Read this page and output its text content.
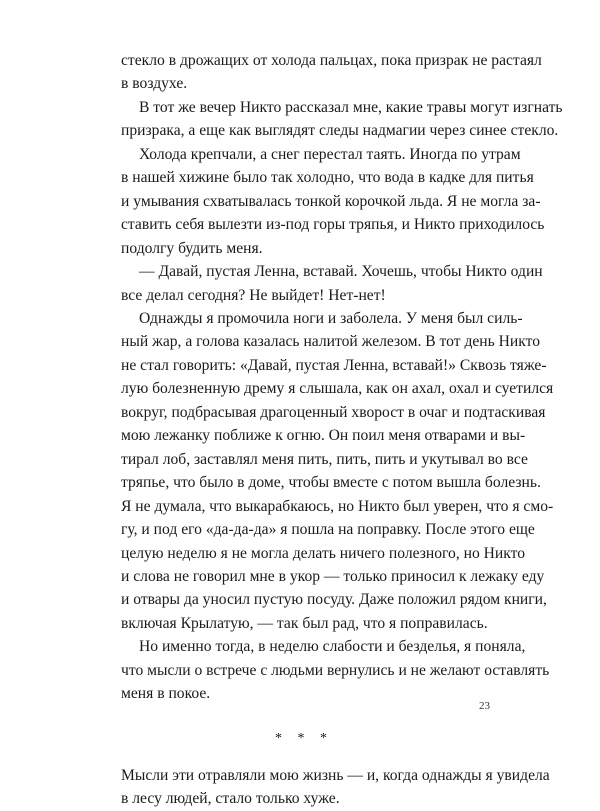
стекло в дрожащих от холода пальцах, пока призрак не растаял
в воздухе.

В тот же вечер Никто рассказал мне, какие травы могут изгнать
призрака, а еще как выглядят следы надмагии через синее стекло.

Холода крепчали, а снег перестал таять. Иногда по утрам
в нашей хижине было так холодно, что вода в кадке для питья
и умывания схватывалась тонкой корочкой льда. Я не могла за-
ставить себя вылезти из-под горы тряпья, и Никто приходилось
подолгу будить меня.

— Давай, пустая Ленна, вставай. Хочешь, чтобы Никто один
все делал сегодня? Не выйдет! Нет-нет!

Однажды я промочила ноги и заболела. У меня был силь-
ный жар, а голова казалась налитой железом. В тот день Никто
не стал говорить: «Давай, пустая Ленна, вставай!» Сквозь тяже-
лую болезненную дрему я слышала, как он ахал, охал и суетился
вокруг, подбрасывая драгоценный хворост в очаг и подтаскивая
мою лежанку поближе к огню. Он поил меня отварами и вы-
тирал лоб, заставлял меня пить, пить, пить и укутывал во все
тряпье, что было в доме, чтобы вместе с потом вышла болезнь.
Я не думала, что выкарабкаюсь, но Никто был уверен, что я смо-
гу, и под его «да-да-да» я пошла на поправку. После этого еще
целую неделю я не могла делать ничего полезного, но Никто
и слова не говорил мне в укор — только приносил к лежаку еду
и отвары да уносил пустую посуду. Даже положил рядом книги,
включая Крылатую, — так был рад, что я поправилась.

Но именно тогда, в неделю слабости и безделья, я поняла,
что мысли о встрече с людьми вернулись и не желают оставлять
меня в покое.

* * *

Мысли эти отравляли мою жизнь — и, когда однажды я увидела
в лесу людей, стало только хуже.

23
